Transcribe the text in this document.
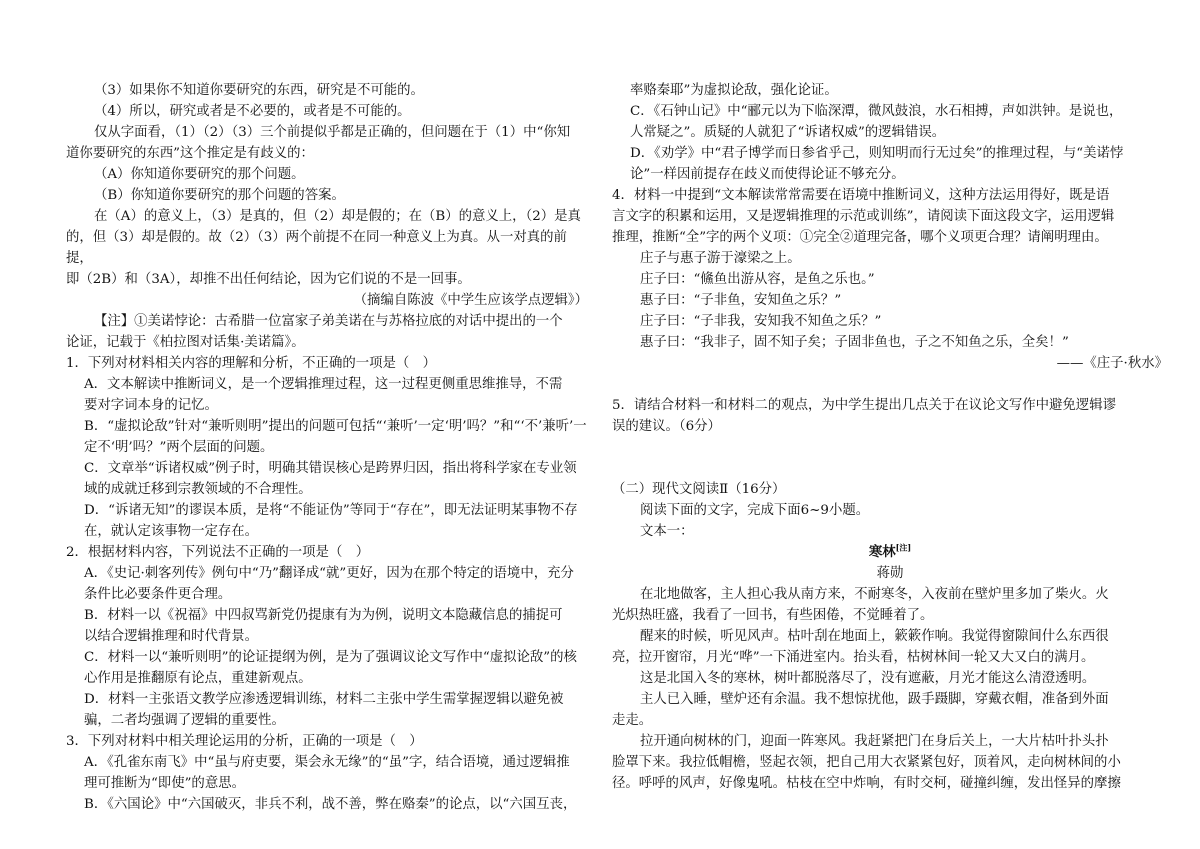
（3）如果你不知道你要研究的东西，研究是不可能的。

（4）所以，研究或者是不必要的，或者是不可能的。

仅从字面看，（1）（2）（3）三个前提似乎都是正确的，但问题在于（1）中“你知

道你要研究的东西”这个推定是有歧义的：

（A）你知道你要研究的那个问题。

（B）你知道你要研究的那个问题的答案。

在（A）的意义上，（3）是真的，但（2）却是假的；在（B）的意义上，（2）是真

的，但（3）却是假的。故（2）（3）两个前提不在同一种意义上为真。从一对真的前提，

即（2B）和（3A），却推不出任何结论，因为它们说的不是一回事。

（摘编自陈波《中学生应该学点逻辑》）

【注】①美诺悖论：古希腊一位富家子弟美诺在与苏格拉底的对话中提出的一个

论证，记载于《柏拉图对话集·美诺篇》。

1．下列对材料相关内容的理解和分析，不正确的一项是（　）

A．文本解读中推断词义，是一个逻辑推理过程，这一过程更侧重思维推导，不需

要对字词本身的记忆。

B．“虚拟论敌”针对“兼听则明”提出的问题可包括“‘兼听’一定‘明’吗？”和“‘不’兼听’一

定不‘明’吗？”两个层面的问题。

C．文章举“诉诸权威”例子时，明确其错误核心是跨界归因，指出将科学家在专业领

域的成就迁移到宗教领域的不合理性。

D．“诉诸无知”的谬误本质，是将“不能证伪”等同于“存在”，即无法证明某事物不存

在，就认定该事物一定存在。

2．根据材料内容，下列说法不正确的一项是（　）

A．《史记·刺客列传》例句中“乃”翻译成“就”更好，因为在那个特定的语境中，充分

条件比必要条件更合理。

B．材料一以《祝福》中四叔骂新党仍提康有为为例，说明文本隐藏信息的捕捉可

以结合逻辑推理和时代背景。

C．材料一以“兼听则明”的论证提纲为例，是为了强调议论文写作中“虚拟论敌”的核

心作用是推翻原有论点，重建新观点。

D．材料一主张语文教学应渗透逻辑训练，材料二主张中学生需掌握逻辑以避免被

骗，二者均强调了逻辑的重要性。

3．下列对材料中相关理论运用的分析，正确的一项是（　）

A．《孔雀东南飞》中“虽与府吏要，渠会永无缘”的“虽”字，结合语境，通过逻辑推

理可推断为“即使”的意思。

B．《六国论》中“六国破灭，非兵不利，战不善，弊在赂秦”的论点，以“六国互丧，

率赂秦耶”为虚拟论敌，强化论证。

C．《石钟山记》中“郦元以为下临深潭，微风鼓浪，水石相搏，声如洪钟。是说也，

人常疑之”。质疑的人就犯了“诉诸权威”的逻辑错误。

D．《劝学》中“君子博学而日参省乎己，则知明而行无过矣”的推理过程，与“美诺悖

论”一样因前提存在歧义而使得论证不够充分。

4．材料一中提到“文本解读常常需要在语境中推断词义，这种方法运用得好，既是语

言文字的积累和运用，又是逻辑推理的示范或训练”，请阅读下面这段文字，运用逻辑

推理，推断“全”字的两个义项：①完全②道理完备，哪个义项更合理？请阐明理由。

庄子与惠子游于濠梁之上。

庄子曰：“鯈鱼出游从容，是鱼之乐也。”

惠子曰：“子非鱼，安知鱼之乐？”

庄子曰：“子非我，安知我不知鱼之乐？”

惠子曰：“我非子，固不知子矣；子固非鱼也，子之不知鱼之乐，全矣！”

——《庄子·秋水》

5．请结合材料一和材料二的观点，为中学生提出几点关于在议论文写作中避免逻辑谬

误的建议。（6分）

（二）现代文阅读Ⅱ（16分）

阅读下面的文字，完成下面6~9小题。

文本一：

寒林[注]

蒋勋

在北地做客，主人担心我从南方来，不耐寒冬，入夜前在壁炉里多加了柴火。火

光炽热旺盛，我看了一回书，有些困倦，不觉睡着了。

醒来的时候，听见风声。枯叶刮在地面上，簌簌作响。我觉得窗隙间什么东西很

亮，拉开窗帘，月光“哗”一下涌进室内。抬头看，枯树林间一轮又大又白的满月。

这是北国入冬的寒林，树叶都脱落尽了，没有遮蔽，月光才能这么清澄透明。

主人已入睡，壁炉还有余温。我不想惊扰他，趿手蹑脚，穿戴衣帽，准备到外面

走走。

拉开通向树林的门，迎面一阵寒风。我赶紧把门在身后关上，一大片枯叶扑头扑

脸罩下来。我拉低帽檐，竖起衣领，把自己用大衣紧紧包好，顶着风，走向树林间的小

径。呼呼的风声，好像鬼吼。枯枝在空中炸响，有时交柯，碰撞纠缠，发出怪异的摩擦
